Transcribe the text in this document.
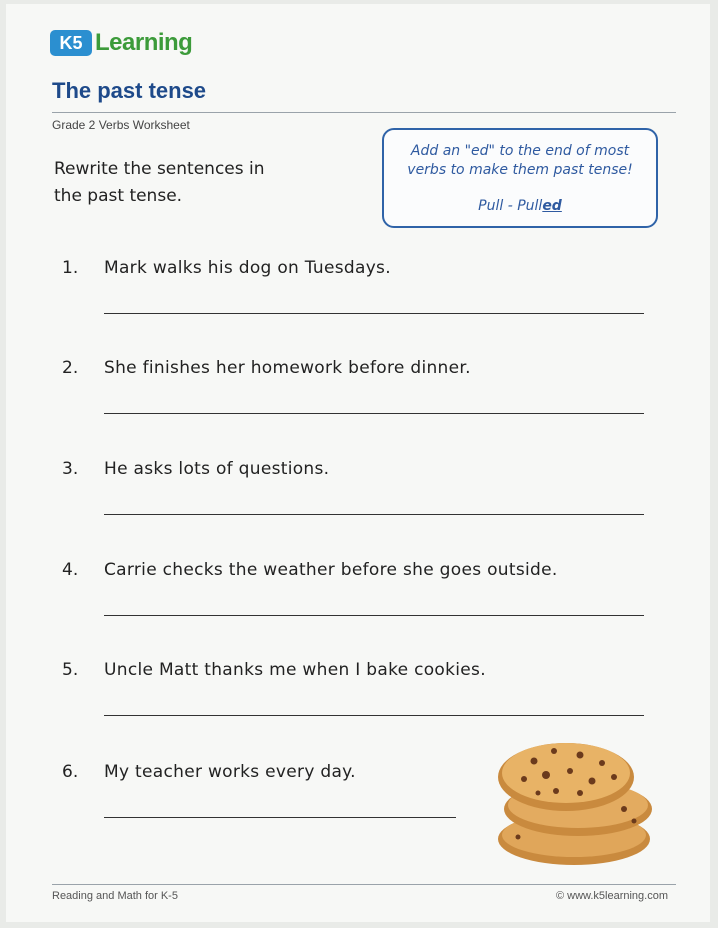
K5 Learning
The past tense
Grade 2 Verbs Worksheet
Rewrite the sentences in
the past tense.
Add an "ed" to the end of most
verbs to make them past tense!
Pull - Pulled
1. Mark walks his dog on Tuesdays.
2. She finishes her homework before dinner.
3. He asks lots of questions.
4. Carrie checks the weather before she goes outside.
5. Uncle Matt thanks me when I bake cookies.
6. My teacher works every day.
Reading and Math for K-5	© www.k5learning.com
